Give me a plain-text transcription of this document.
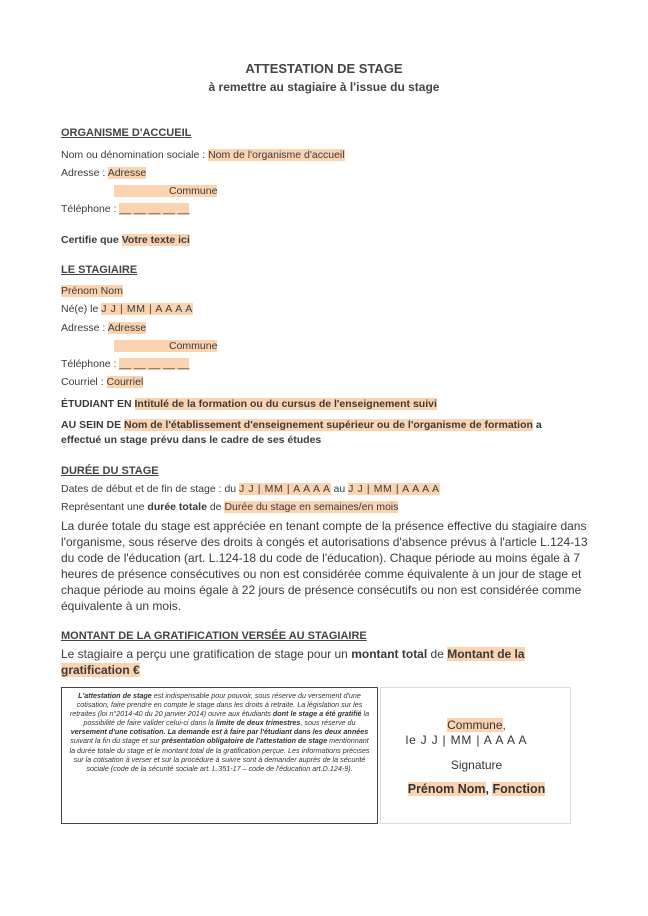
ATTESTATION DE STAGE
à remettre au stagiaire à l'issue du stage
ORGANISME D'ACCUEIL
Nom ou dénomination sociale : Nom de l'organisme d'accueil
Adresse : Adresse
Commune
Téléphone : __ __ __ __ __
Certifie que Votre texte ici
LE STAGIAIRE
Prénom Nom
Né(e) le J J | MM | A A A A
Adresse : Adresse
Commune
Téléphone : __ __ __ __ __
Courriel : Courriel
ÉTUDIANT EN Intitulé de la formation ou du cursus de l'enseignement suivi
AU SEIN DE Nom de l'établissement d'enseignement supérieur ou de l'organisme de formation a
effectué un stage prévu dans le cadre de ses études
DURÉE DU STAGE
Dates de début et de fin de stage : du J J | MM | A A A A au J J | MM | A A A A
Représentant une durée totale de Durée du stage en semaines/en mois
La durée totale du stage est appréciée en tenant compte de la présence effective du stagiaire dans l'organisme, sous réserve des droits à congés et autorisations d'absence prévus à l'article L.124-13 du code de l'éducation (art. L.124-18 du code de l'éducation). Chaque période au moins égale à 7 heures de présence consécutives ou non est considérée comme équivalente à un jour de stage et chaque période au moins égale à 22 jours de présence consécutifs ou non est considérée comme équivalente à un mois.
MONTANT DE LA GRATIFICATION VERSÉE AU STAGIAIRE
Le stagiaire a perçu une gratification de stage pour un montant total de Montant de la gratification €
L'attestation de stage est indispensable pour pouvoir, sous réserve du versement d'une cotisation, faire prendre en compte le stage dans les droits à retraite. La législation sur les retraites (loi n°2014-40 du 20 janvier 2014) ouvre aux étudiants dont le stage a été gratifié la possibilité de faire valider celui-ci dans la limite de deux trimestres, sous réserve du versement d'une cotisation. La demande est à faire par l'étudiant dans les deux années suivant la fin du stage et sur présentation obligatoire de l'attestation de stage mentionnant la durée totale du stage et le montant total de la gratification perçue. Les informations précises sur la cotisation à verser et sur la procédure à suivre sont à demander auprès de la sécurité sociale (code de la sécurité sociale art. L.351-17 – code de l'éducation art.D.124-9).
Commune,
le J J | MM | A A A A
Signature
Prénom Nom, Fonction
